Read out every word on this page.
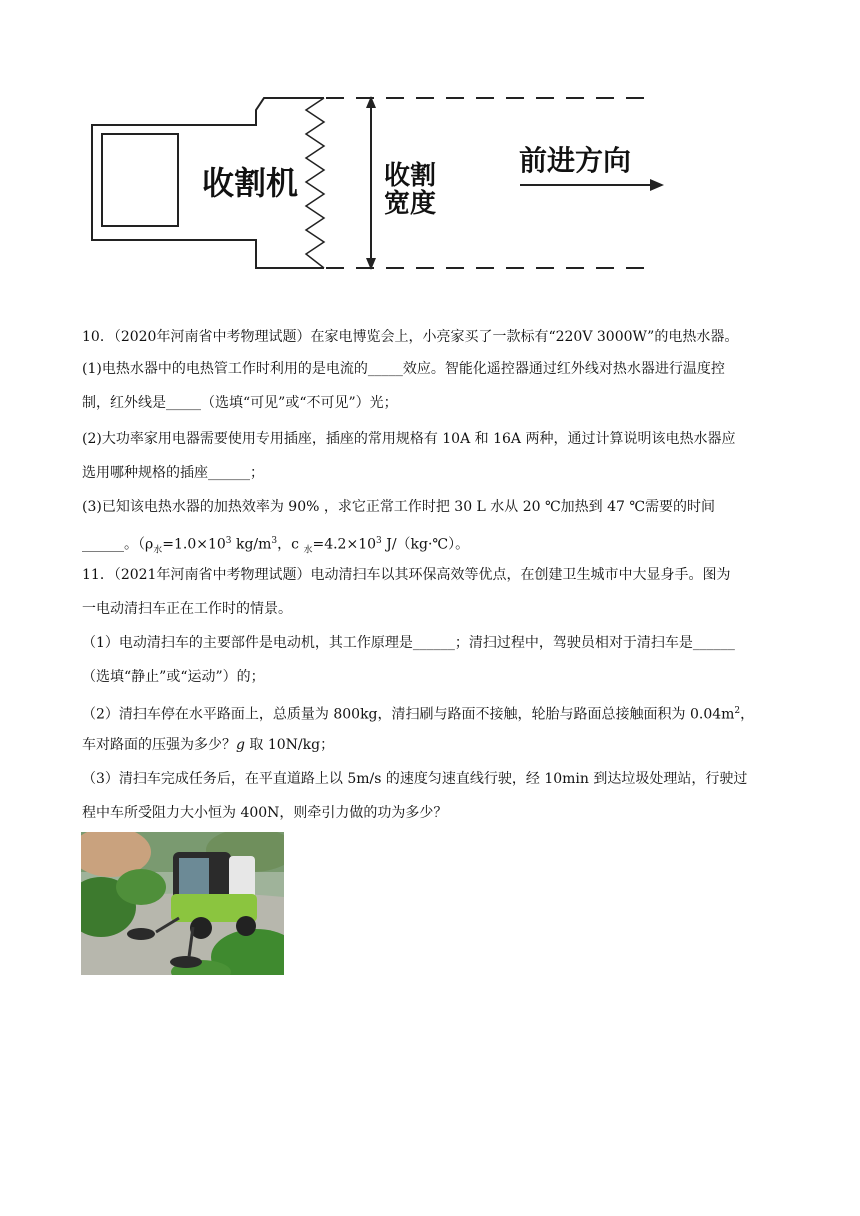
收割机	收割
宽度
前进方向
10．（2020年河南省中考物理试题）在家电博览会上，小亮家买了一款标有“220V 3000W”的电热水器。
(1)电热水器中的电热管工作时利用的是电流的_____效应。智能化遥控器通过红外线对热水器进行温度控
制，红外线是_____（选填“可见”或“不可见”）光；
(2)大功率家用电器需要使用专用插座，插座的常用规格有 10A 和 16A 两种，通过计算说明该电热水器应
选用哪种规格的插座______；
(3)已知该电热水器的加热效率为 90% ，求它正常工作时把 30 L 水从 20 ℃加热到 47 ℃需要的时间
______。（$\rho_水=1.0\times 10^3$ $kg/m^3$，c $_水=4.2\times 10^3$ J/（kg·℃）。
11．（2021年河南省中考物理试题）电动清扫车以其环保高效等优点，在创建卫生城市中大显身手。图为
一电动清扫车正在工作时的情景。
（1）电动清扫车的主要部件是电动机，其工作原理是______；清扫过程中，驾驶员相对于清扫车是______
（选填“静止”或“运动”）的；
（2）清扫车停在水平路面上，总质量为 800kg，清扫刷与路面不接触，轮胎与路面总接触面积为 $0.04m^2$，
车对路面的压强为多少？g 取 10N/kg；
（3）清扫车完成任务后，在平直道路上以 5m/s 的速度匀速直线行驶，经 10min 到达垃圾处理站，行驶过
程中车所受阻力大小恒为 400N，则牵引力做的功为多少？
